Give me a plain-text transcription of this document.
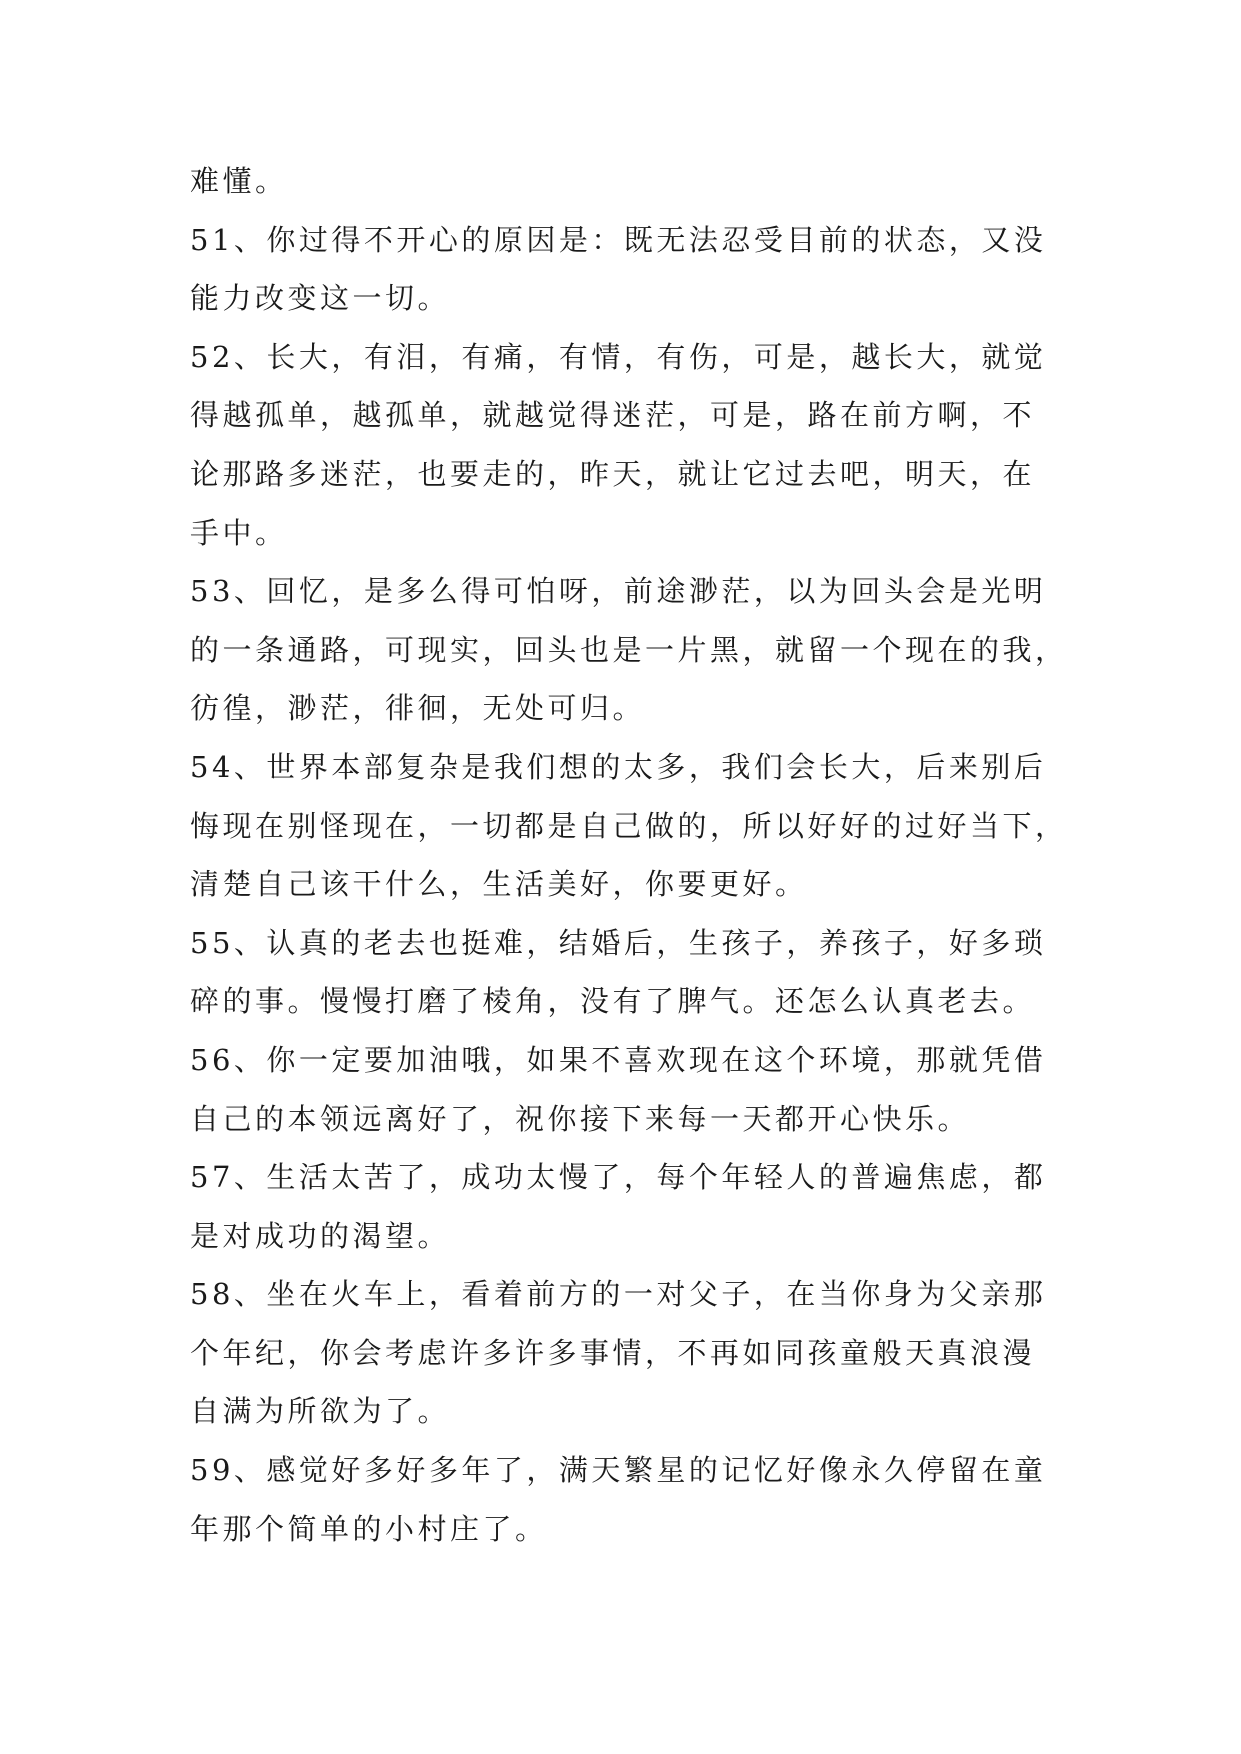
难懂。
51、你过得不开心的原因是：既无法忍受目前的状态，又没
能力改变这一切。
52、长大，有泪，有痛，有情，有伤，可是，越长大，就觉
得越孤单，越孤单，就越觉得迷茫，可是，路在前方啊，不
论那路多迷茫，也要走的，昨天，就让它过去吧，明天，在
手中。
53、回忆，是多么得可怕呀，前途渺茫，以为回头会是光明
的一条通路，可现实，回头也是一片黑，就留一个现在的我，
彷徨，渺茫，徘徊，无处可归。
54、世界本部复杂是我们想的太多，我们会长大，后来别后
悔现在别怪现在，一切都是自己做的，所以好好的过好当下，
清楚自己该干什么，生活美好，你要更好。
55、认真的老去也挺难，结婚后，生孩子，养孩子，好多琐
碎的事。慢慢打磨了棱角，没有了脾气。还怎么认真老去。
56、你一定要加油哦，如果不喜欢现在这个环境，那就凭借
自己的本领远离好了，祝你接下来每一天都开心快乐。
57、生活太苦了，成功太慢了，每个年轻人的普遍焦虑，都
是对成功的渴望。
58、坐在火车上，看着前方的一对父子，在当你身为父亲那
个年纪，你会考虑许多许多事情，不再如同孩童般天真浪漫
自满为所欲为了。
59、感觉好多好多年了，满天繁星的记忆好像永久停留在童
年那个简单的小村庄了。
